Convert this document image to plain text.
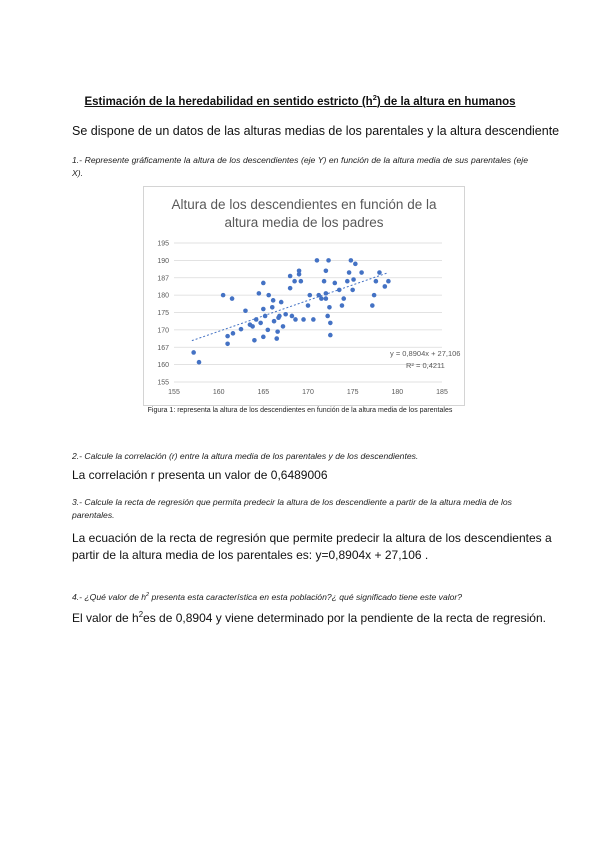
Estimación de la heredabilidad en sentido estricto $(h^2)$ de la altura en humanos
Se dispone de un datos de las alturas medias de los parentales y la altura descendiente
1.- Represente gráficamente la altura de los descendientes (eje Y) en función de la altura media de sus parentales (eje X).
Altura de los descendientes en función de la
altura media de los padres
155
160
167
170
175
180
187
190
195
155	160	165	170	175	180	185
y = 0,8904x + 27,106
R² = 0,4211
Figura 1: representa la altura de los descendientes en función de la altura media de los parentales
2.- Calcule la correlación (r) entre la altura media de los parentales y de los descendientes.
La correlación r presenta un valor de 0,6489006
3.- Calcule la recta de regresión que permita predecir la altura de los descendiente a partir de la altura media de los parentales.
La ecuación de la recta de regresión que permite predecir la altura de los descendientes a
partir de la altura media de los parentales es: y=0,8904x + 27,106 .
4.- ¿Qué valor de $h^2$ presenta esta característica en esta población?¿ qué significado tiene este valor?
El valor de $h^2es$ de 0,8904 y viene determinado por la pendiente de la recta de regresión.
